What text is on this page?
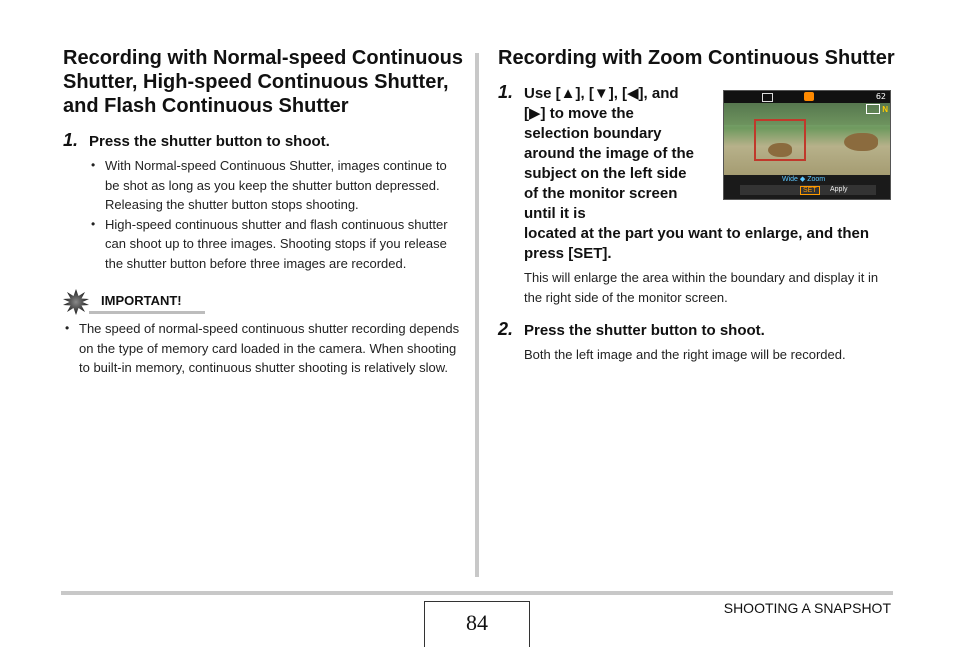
Recording with Normal-speed Continuous Shutter, High-speed Continuous Shutter, and Flash Continuous Shutter
1. Press the shutter button to shoot.
• With Normal-speed Continuous Shutter, images continue to be shot as long as you keep the shutter button depressed. Releasing the shutter button stops shooting.
• High-speed continuous shutter and flash continuous shutter can shoot up to three images. Shooting stops if you release the shutter button before three images are recorded.
IMPORTANT!
• The speed of normal-speed continuous shutter recording depends on the type of memory card loaded in the camera. When shooting to built-in memory, continuous shutter shooting is relatively slow.
Recording with Zoom Continuous Shutter
1. Use [▲], [▼], [◀], and [▶] to move the selection boundary around the image of the subject on the left side of the monitor screen until it is
located at the part you want to enlarge, and then press [SET].
This will enlarge the area within the boundary and display it in the right side of the monitor screen.
62
N
Wide ◆ Zoom
SET	Apply
2. Press the shutter button to shoot.
Both the left image and the right image will be recorded.
84
SHOOTING A SNAPSHOT
